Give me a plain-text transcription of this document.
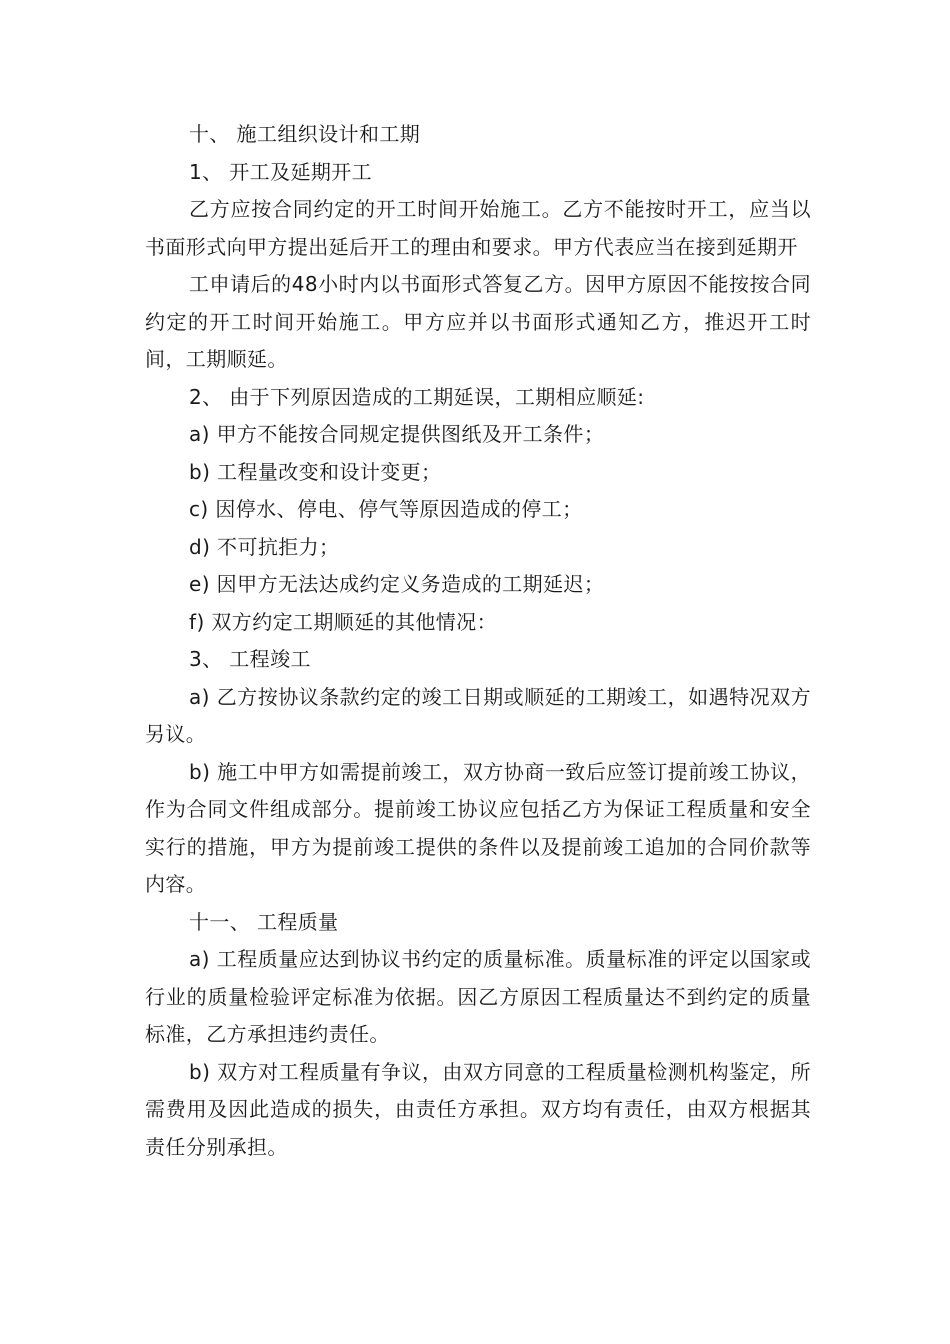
十、 施工组织设计和工期

1、 开工及延期开工

乙方应按合同约定的开工时间开始施工。乙方不能按时开工，应当以书面形式向甲方提出延后开工的理由和要求。甲方代表应当在接到延期开

工申请后的48小时内以书面形式答复乙方。因甲方原因不能按按合同约定的开工时间开始施工。甲方应并以书面形式通知乙方，推迟开工时间，工期顺延。

2、 由于下列原因造成的工期延误，工期相应顺延:

a) 甲方不能按合同规定提供图纸及开工条件；

b) 工程量改变和设计变更；

c) 因停水、停电、停气等原因造成的停工；

d) 不可抗拒力；

e) 因甲方无法达成约定义务造成的工期延迟；

f) 双方约定工期顺延的其他情况：

3、 工程竣工

a) 乙方按协议条款约定的竣工日期或顺延的工期竣工，如遇特况双方另议。

b) 施工中甲方如需提前竣工，双方协商一致后应签订提前竣工协议，作为合同文件组成部分。提前竣工协议应包括乙方为保证工程质量和安全实行的措施，甲方为提前竣工提供的条件以及提前竣工追加的合同价款等内容。

十一、 工程质量

a) 工程质量应达到协议书约定的质量标准。质量标准的评定以国家或行业的质量检验评定标准为依据。因乙方原因工程质量达不到约定的质量标准，乙方承担违约责任。

b) 双方对工程质量有争议，由双方同意的工程质量检测机构鉴定，所需费用及因此造成的损失，由责任方承担。双方均有责任，由双方根据其责任分别承担。
